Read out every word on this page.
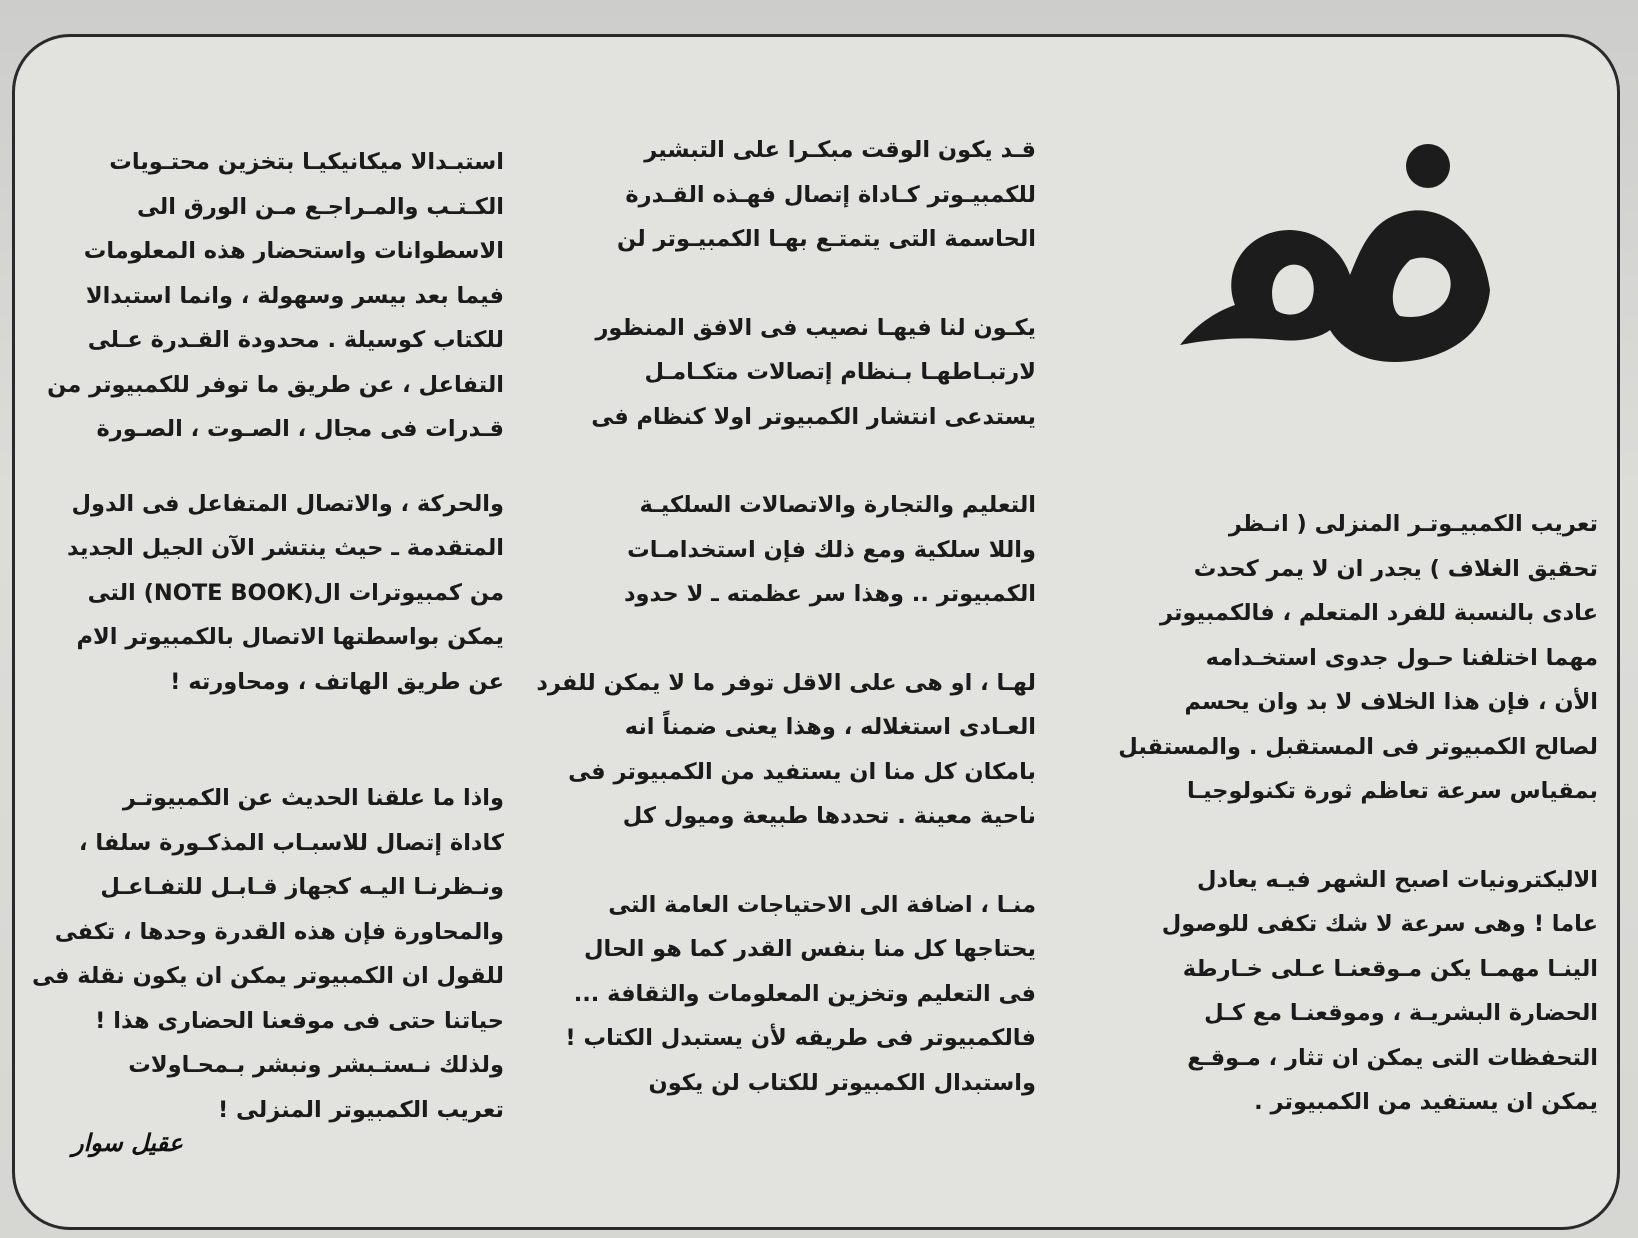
تعريب الكمبيـوتـر المنزلى ( انـظر

تحقيق الغلاف ) يجدر ان لا يمر كحدث

عادى بالنسبة للفرد المتعلم ، فالكمبيوتر

مهما اختلفنا حـول جدوى استخـدامه

الأن ، فإن هذا الخلاف لا بد وان يحسم

لصالح الكمبيوتر فى المستقبل . والمستقبل

بمقياس سرعة تعاظم ثورة تكنولوجيـا

الاليكترونيات اصبح الشهر فيـه يعادل

عاما ! وهى سرعة لا شك تكفى للوصول

الينـا مهمـا يكن مـوقعنـا عـلى خـارطة

الحضارة البشريـة ، وموقعنـا مع كـل

التحفظات التى يمكن ان تثار ، مـوقـع

يمكن ان يستفيد من الكمبيوتر .

قـد يكون الوقت مبكـرا على التبشير

للكمبيـوتر كـاداة إتصال فهـذه القـدرة

الحاسمة التى يتمتـع بهـا الكمبيـوتر لن

يكـون لنا فيهـا نصيب فى الافق المنظور

لارتبـاطهـا بـنظام إتصالات متكـامـل

يستدعى انتشار الكمبيوتر اولا كنظام فى

التعليم والتجارة والاتصالات السلكيـة

واللا سلكية ومع ذلك فإن استخدامـات

الكمبيوتر .. وهذا سر عظمته ـ لا حدود

لهـا ، او هى على الاقل توفر ما لا يمكن للفرد

العـادى استغلاله ، وهذا يعنى ضمناً انه

بامكان كل منا ان يستفيد من الكمبيوتر فى

ناحية معينة . تحددها طبيعة وميول كل

منـا ، اضافة الى الاحتياجات العامة التى

يحتاجها كل منا بنفس القدر كما هو الحال

فى التعليم وتخزين المعلومات والثقافة ...

فالكمبيوتر فى طريقه لأن يستبدل الكتاب !

واستبدال الكمبيوتر للكتاب لن يكون

استبـدالا ميكانيكيـا بتخزين محتـويات

الكـتـب والمـراجـع مـن الورق الى

الاسطوانات واستحضار هذه المعلومات

فيما بعد بيسر وسهولة ، وانما استبدالا

للكتاب كوسيلة . محدودة القـدرة عـلى

التفاعل ، عن طريق ما توفر للكمبيوتر من

قـدرات فى مجال ، الصـوت ، الصـورة

والحركة ، والاتصال المتفاعل فى الدول

المتقدمة ـ حيث ينتشر الآن الجيل الجديد

من كمبيوترات ال(NOTE BOOK) التى

يمكن بواسطتها الاتصال بالكمبيوتر الام

عن طريق الهاتف ، ومحاورته !

واذا ما علقنا الحديث عن الكمبيوتـر

كاداة إتصال للاسبـاب المذكـورة سلفا ،

ونـظرنـا اليـه كجهاز قـابـل للتفـاعـل

والمحاورة فإن هذه القدرة وحدها ، تكفى

للقول ان الكمبيوتر يمكن ان يكون نقلة فى

حياتنا حتى فى موقعنا الحضارى هذا !

ولذلك نـستـبشر ونبشر بـمحـاولات

تعريب الكمبيوتر المنزلى !

عقيل سوار
